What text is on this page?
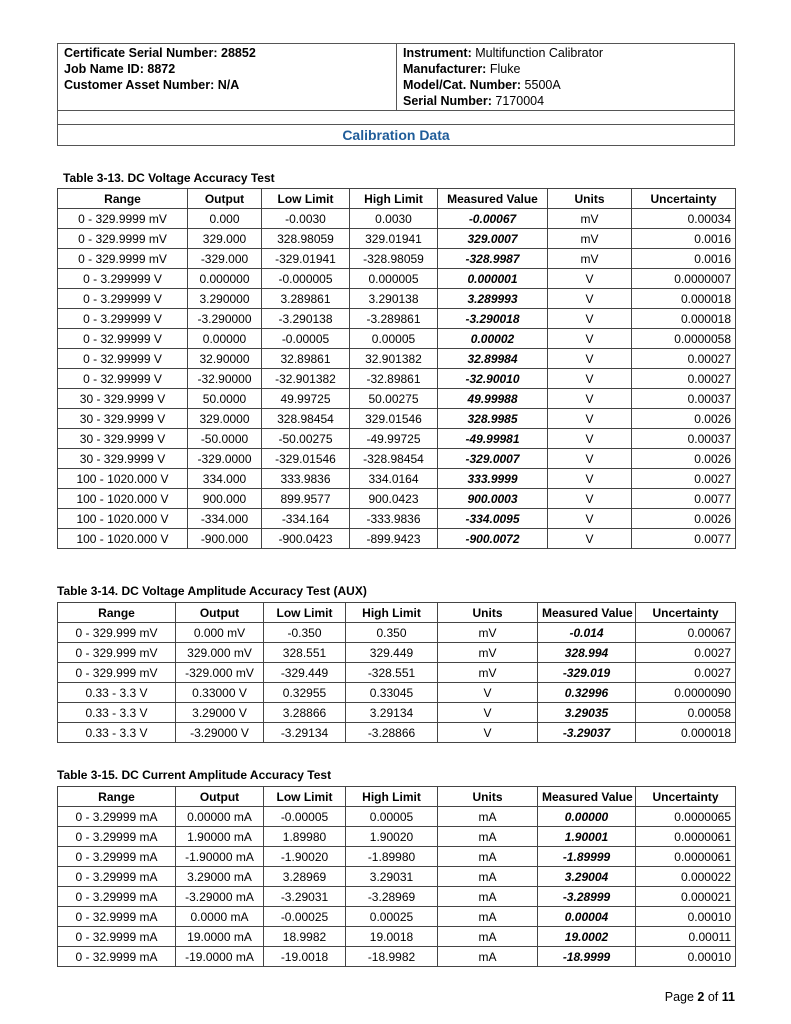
Certificate Serial Number: 28852
Job Name ID: 8872
Customer Asset Number: N/A

Instrument: Multifunction Calibrator
Manufacturer: Fluke
Model/Cat. Number: 5500A
Serial Number: 7170004

Calibration Data
Table 3-13. DC Voltage Accuracy Test
Range	Output	Low Limit	High Limit	Measured Value	Units	Uncertainty
0 - 329.9999 mV	0.000	-0.0030	0.0030	-0.00067	mV	0.00034
0 - 329.9999 mV	329.000	328.98059	329.01941	329.0007	mV	0.0016
0 - 329.9999 mV	-329.000	-329.01941	-328.98059	-328.9987	mV	0.0016
0 - 3.299999 V	0.000000	-0.000005	0.000005	0.000001	V	0.0000007
0 - 3.299999 V	3.290000	3.289861	3.290138	3.289993	V	0.000018
0 - 3.299999 V	-3.290000	-3.290138	-3.289861	-3.290018	V	0.000018
0 - 32.99999 V	0.00000	-0.00005	0.00005	0.00002	V	0.0000058
0 - 32.99999 V	32.90000	32.89861	32.901382	32.89984	V	0.00027
0 - 32.99999 V	-32.90000	-32.901382	-32.89861	-32.90010	V	0.00027
30 - 329.9999 V	50.0000	49.99725	50.00275	49.99988	V	0.00037
30 - 329.9999 V	329.0000	328.98454	329.01546	328.9985	V	0.0026
30 - 329.9999 V	-50.0000	-50.00275	-49.99725	-49.99981	V	0.00037
30 - 329.9999 V	-329.0000	-329.01546	-328.98454	-329.0007	V	0.0026
100 - 1020.000 V	334.000	333.9836	334.0164	333.9999	V	0.0027
100 - 1020.000 V	900.000	899.9577	900.0423	900.0003	V	0.0077
100 - 1020.000 V	-334.000	-334.164	-333.9836	-334.0095	V	0.0026
100 - 1020.000 V	-900.000	-900.0423	-899.9423	-900.0072	V	0.0077
Table 3-14. DC Voltage Amplitude Accuracy Test (AUX)
Range	Output	Low Limit	High Limit	Units	Measured Value	Uncertainty
0 - 329.999 mV	0.000 mV	-0.350	0.350	mV	-0.014	0.00067
0 - 329.999 mV	329.000 mV	328.551	329.449	mV	328.994	0.0027
0 - 329.999 mV	-329.000 mV	-329.449	-328.551	mV	-329.019	0.0027
0.33 - 3.3 V	0.33000 V	0.32955	0.33045	V	0.32996	0.0000090
0.33 - 3.3 V	3.29000 V	3.28866	3.29134	V	3.29035	0.00058
0.33 - 3.3 V	-3.29000 V	-3.29134	-3.28866	V	-3.29037	0.000018
Table 3-15. DC Current Amplitude Accuracy Test
Range	Output	Low Limit	High Limit	Units	Measured Value	Uncertainty
0 - 3.29999 mA	0.00000 mA	-0.00005	0.00005	mA	0.00000	0.0000065
0 - 3.29999 mA	1.90000 mA	1.89980	1.90020	mA	1.90001	0.0000061
0 - 3.29999 mA	-1.90000 mA	-1.90020	-1.89980	mA	-1.89999	0.0000061
0 - 3.29999 mA	3.29000 mA	3.28969	3.29031	mA	3.29004	0.000022
0 - 3.29999 mA	-3.29000 mA	-3.29031	-3.28969	mA	-3.28999	0.000021
0 - 32.9999 mA	0.0000 mA	-0.00025	0.00025	mA	0.00004	0.00010
0 - 32.9999 mA	19.0000 mA	18.9982	19.0018	mA	19.0002	0.00011
0 - 32.9999 mA	-19.0000 mA	-19.0018	-18.9982	mA	-18.9999	0.00010
Page 2 of 11
